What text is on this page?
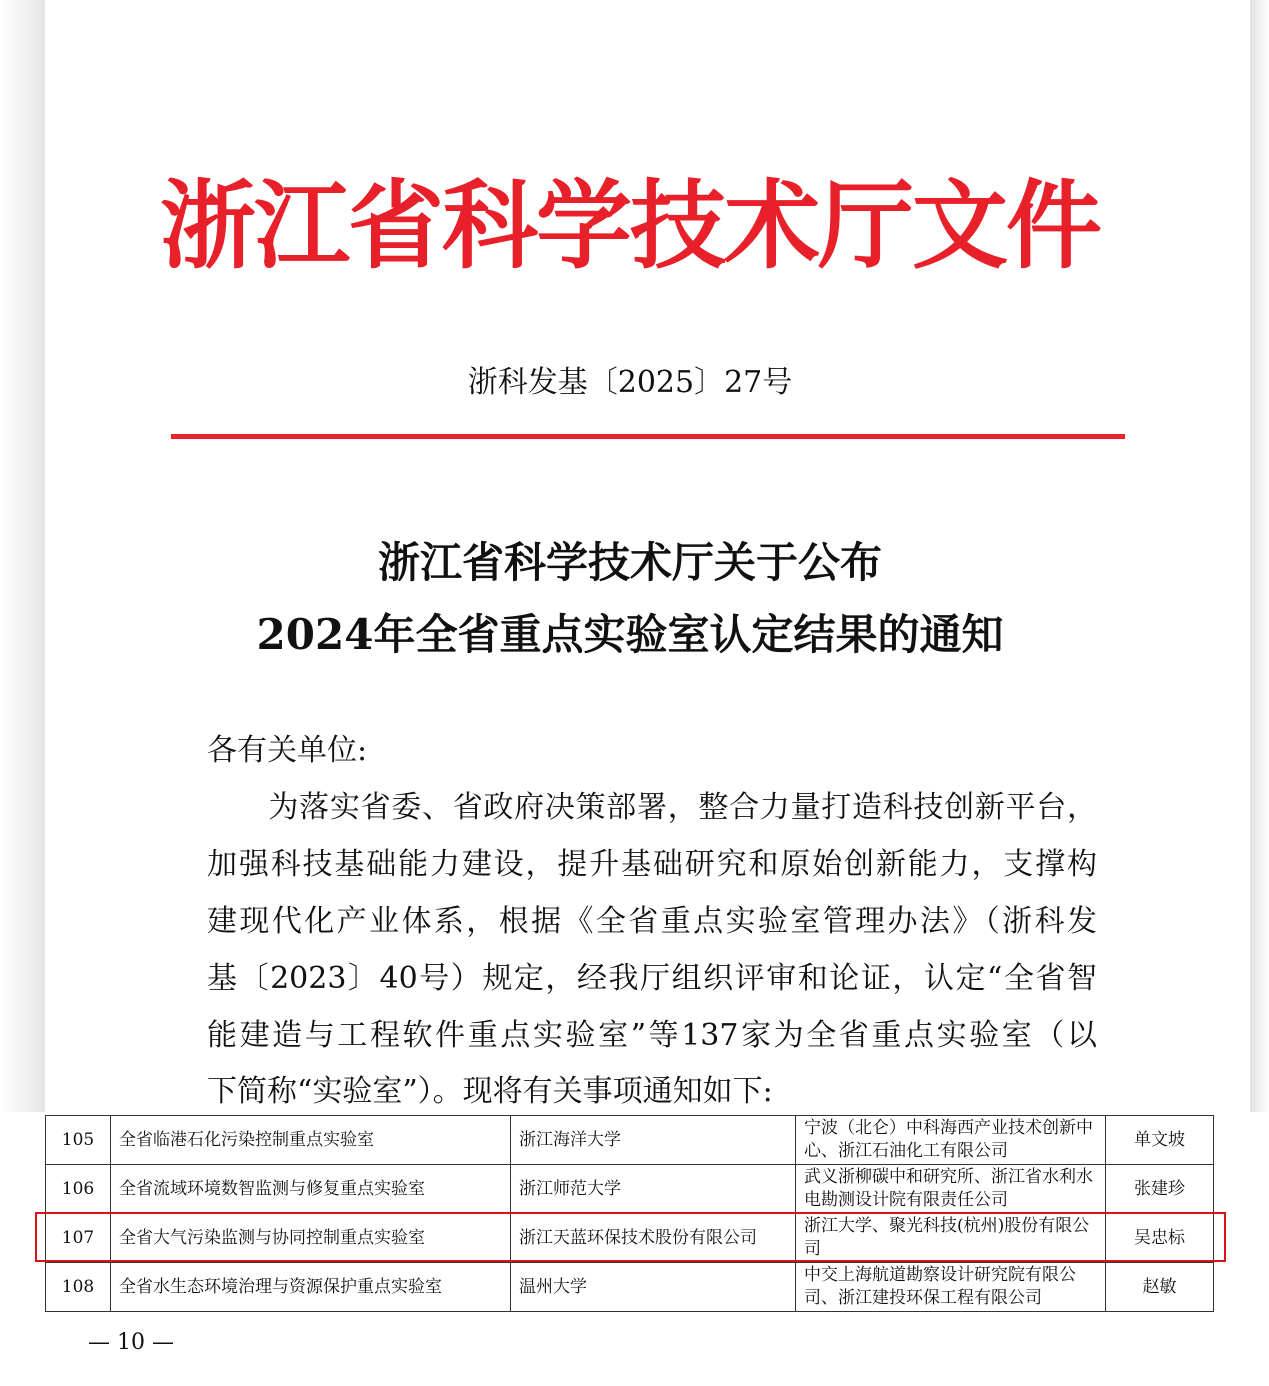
浙江省科学技术厅文件
浙科发基〔2025〕27号
浙江省科学技术厅关于公布
2024年全省重点实验室认定结果的通知
各有关单位:
　　为落实省委、省政府决策部署，整合力量打造科技创新平台，
加强科技基础能力建设，提升基础研究和原始创新能力，支撑构
建现代化产业体系，根据《全省重点实验室管理办法》（浙科发
基〔2023〕40号）规定，经我厅组织评审和论证，认定“全省智
能建造与工程软件重点实验室”等137家为全省重点实验室（以
下简称“实验室”）。现将有关事项通知如下:
105	全省临港石化污染控制重点实验室	浙江海洋大学	宁波（北仑）中科海西产业技术创新中心、浙江石油化工有限公司	单文坡
106	全省流域环境数智监测与修复重点实验室	浙江师范大学	武义浙柳碳中和研究所、浙江省水利水电勘测设计院有限责任公司	张建珍
107	全省大气污染监测与协同控制重点实验室	浙江天蓝环保技术股份有限公司	浙江大学、聚光科技(杭州)股份有限公司	吴忠标
108	全省水生态环境治理与资源保护重点实验室	温州大学	中交上海航道勘察设计研究院有限公司、浙江建投环保工程有限公司	赵敏
— 10 —
